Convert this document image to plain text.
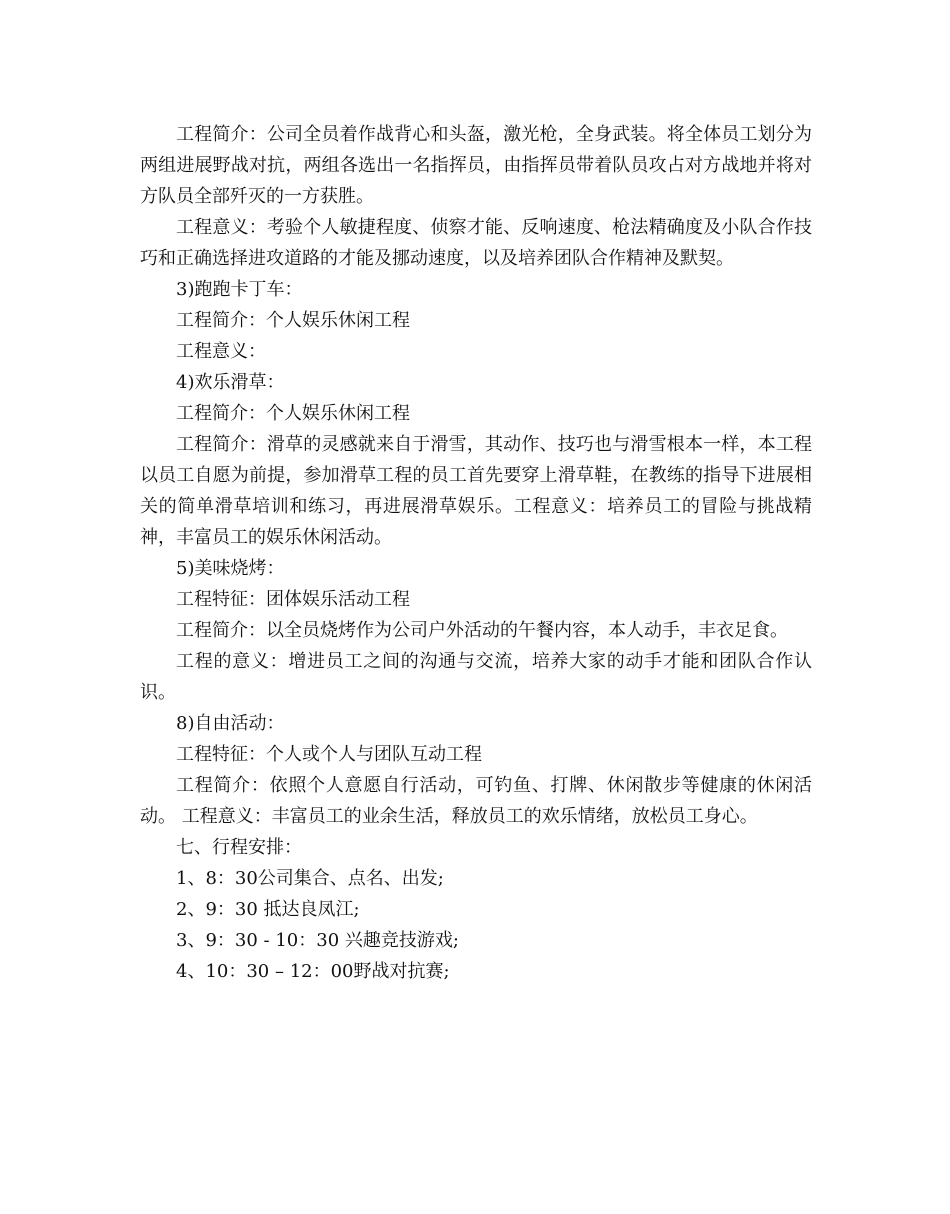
工程简介：公司全员着作战背心和头盔，激光枪，全身武装。将全体员工划分为两组进展野战对抗，两组各选出一名指挥员，由指挥员带着队员攻占对方战地并将对方队员全部歼灭的一方获胜。

工程意义：考验个人敏捷程度、侦察才能、反响速度、枪法精确度及小队合作技巧和正确选择进攻道路的才能及挪动速度，以及培养团队合作精神及默契。

3)跑跑卡丁车：

工程简介：个人娱乐休闲工程

工程意义：

4)欢乐滑草：

工程简介：个人娱乐休闲工程

工程简介：滑草的灵感就来自于滑雪，其动作、技巧也与滑雪根本一样，本工程以员工自愿为前提，参加滑草工程的员工首先要穿上滑草鞋，在教练的指导下进展相关的简单滑草培训和练习，再进展滑草娱乐。工程意义：培养员工的冒险与挑战精神，丰富员工的娱乐休闲活动。

5)美味烧烤：

工程特征：团体娱乐活动工程

工程简介：以全员烧烤作为公司户外活动的午餐内容，本人动手，丰衣足食。

工程的意义：增进员工之间的沟通与交流，培养大家的动手才能和团队合作认识。

8)自由活动：

工程特征：个人或个人与团队互动工程

工程简介：依照个人意愿自行活动，可钓鱼、打牌、休闲散步等健康的休闲活动。 工程意义：丰富员工的业余生活，释放员工的欢乐情绪，放松员工身心。

七、行程安排：

1、8：30公司集合、点名、出发;

2、9：30 抵达良凤江;

3、9：30 - 10：30 兴趣竞技游戏;

4、10：30 – 12：00野战对抗赛;
